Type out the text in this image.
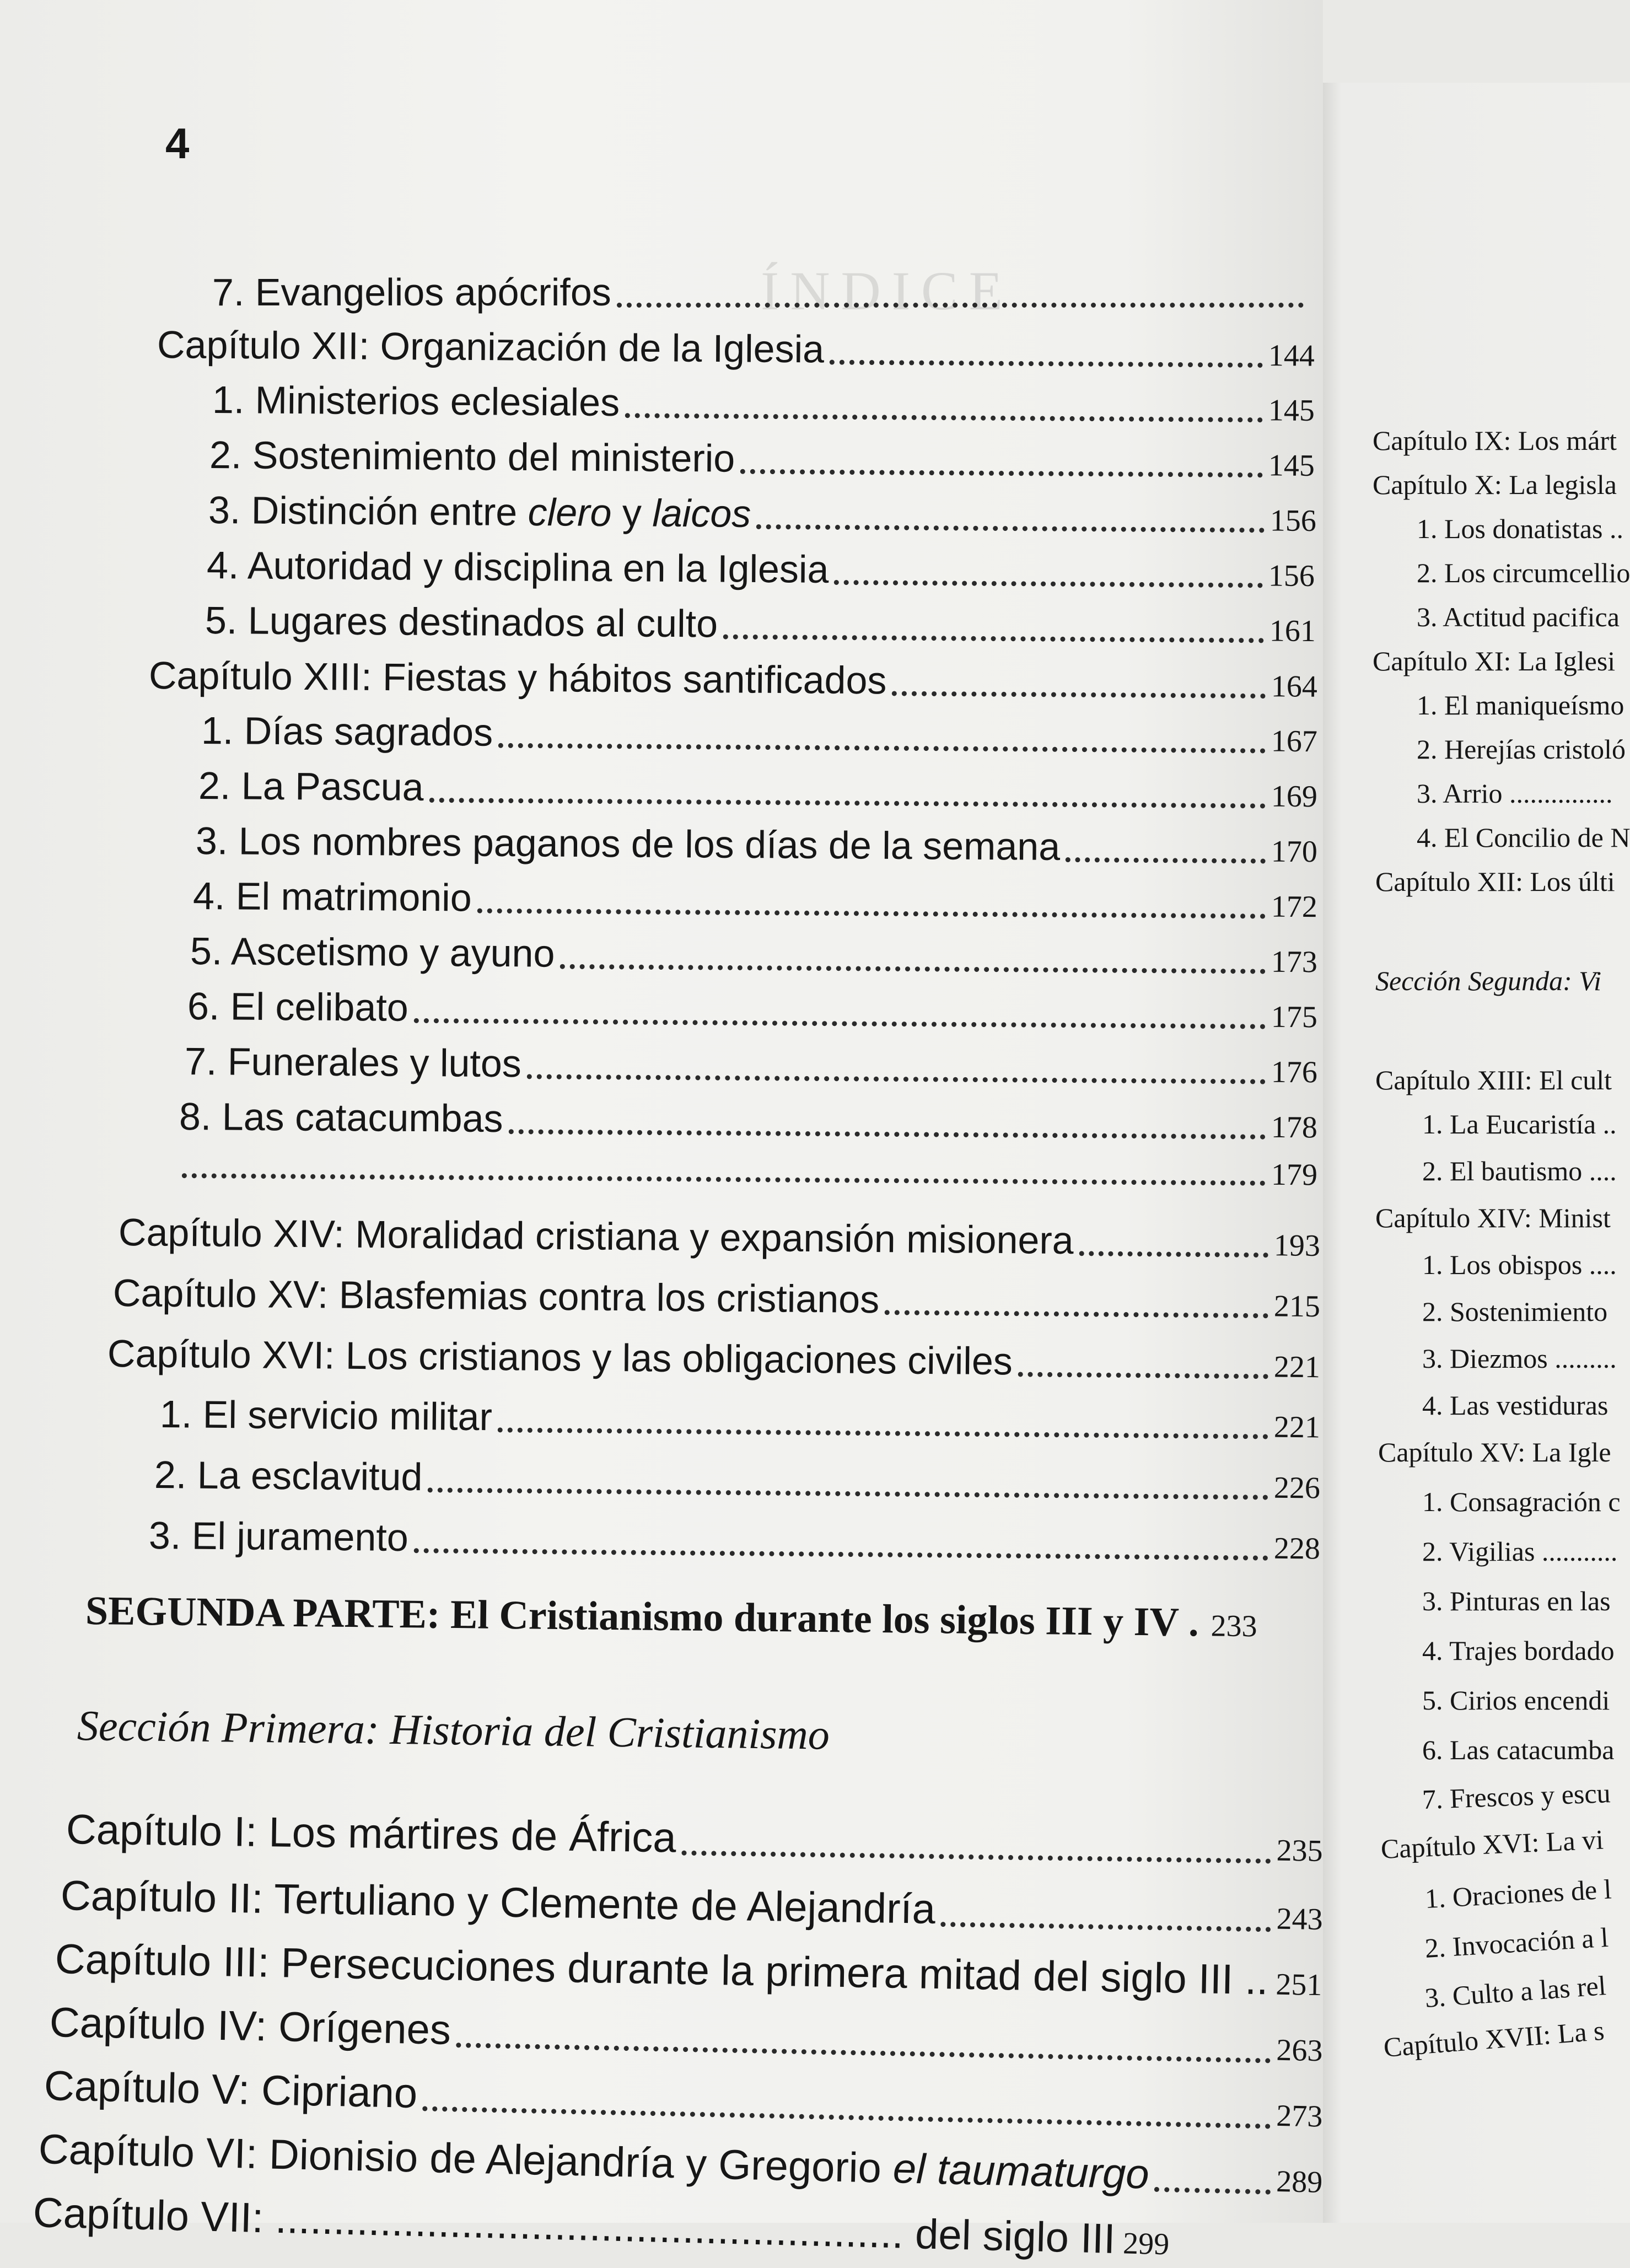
ÍNDICE
4
7. Evangelios apócrifos
Capítulo XII: Organización de la Iglesia	144
1. Ministerios eclesiales	145
2. Sostenimiento del ministerio	145
3. Distinción entre clero y laicos	156
4. Autoridad y disciplina en la Iglesia	156
5. Lugares destinados al culto	161
Capítulo XIII: Fiestas y hábitos santificados	164
1. Días sagrados	167
2. La Pascua	169
3. Los nombres paganos de los días de la semana	170
4. El matrimonio	172
5. Ascetismo y ayuno	173
6. El celibato	175
7. Funerales y lutos	176
8. Las catacumbas	178
179
Capítulo XIV: Moralidad cristiana y expansión misionera	193
Capítulo XV: Blasfemias contra los cristianos	215
Capítulo XVI: Los cristianos y las obligaciones civiles	221
1. El servicio militar	221
2. La esclavitud	226
3. El juramento	228
SEGUNDA PARTE: El Cristianismo durante los siglos III y IV . 233
Sección Primera: Historia del Cristianismo
Capítulo I: Los mártires de África	235
Capítulo II: Tertuliano y Clemente de Alejandría	243
Capítulo III: Persecuciones durante la primera mitad del siglo III .. 251
Capítulo IV: Orígenes	263
Capítulo V: Cipriano	273
Capítulo VI: Dionisio de Alejandría y Gregorio el taumaturgo	289
Capítulo VII: ...................................................... del siglo III 299
Capítulo IX: Los márt
Capítulo X: La legisla
1. Los donatistas ..
2. Los circumcellio
3. Actitud pacifica
Capítulo XI: La Iglesi
1. El maniqueísmo
2. Herejías cristoló
3. Arrio ...............
4. El Concilio de N
Capítulo XII: Los últi
Sección Segunda: Vi
Capítulo XIII: El cult
1. La Eucaristía ..
2. El bautismo ....
Capítulo XIV: Minist
1. Los obispos ....
2. Sostenimiento
3. Diezmos .........
4. Las vestiduras
Capítulo XV: La Igle
1. Consagración c
2. Vigilias ...........
3. Pinturas en las
4. Trajes bordado
5. Cirios encendi
6. Las catacumba
7. Frescos y escu
Capítulo XVI: La vi
1. Oraciones de l
2. Invocación a l
3. Culto a las rel
Capítulo XVII: La s
